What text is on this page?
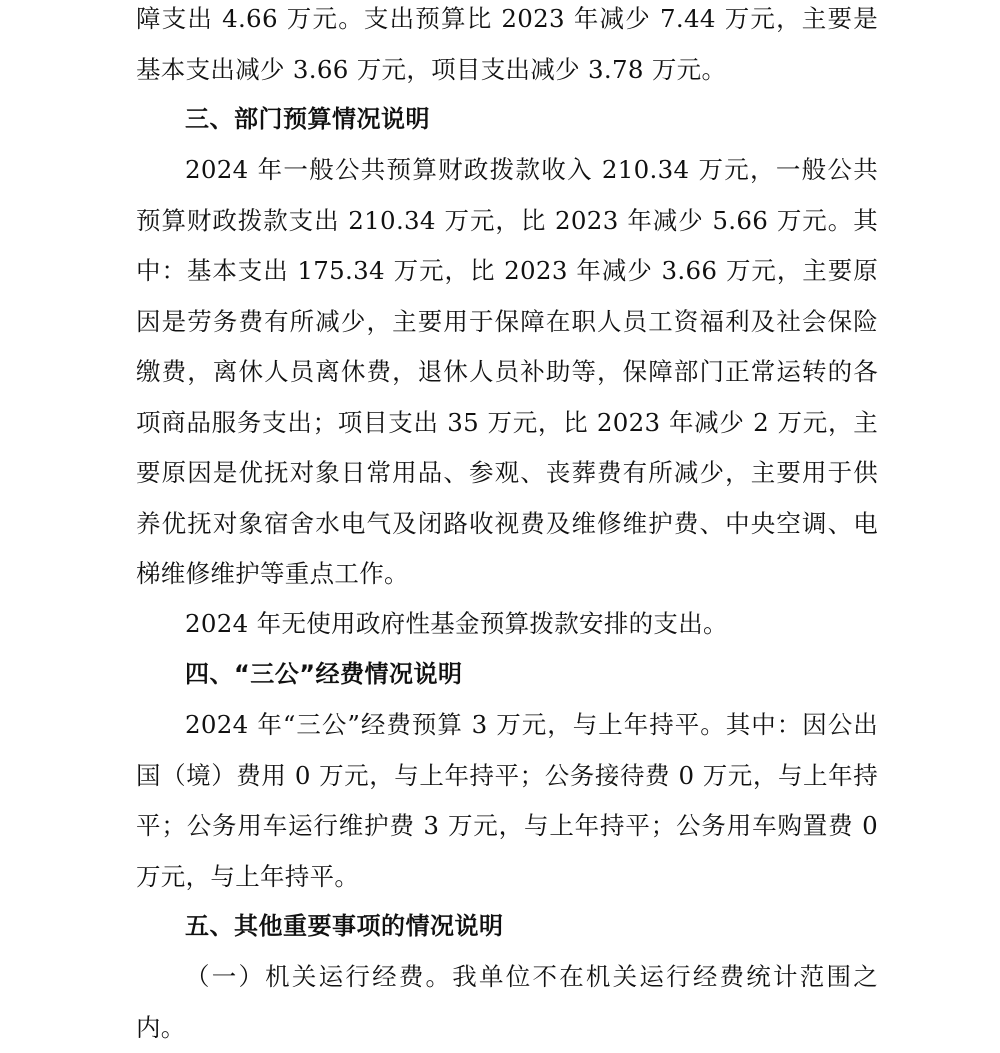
障支出 4.66 万元。支出预算比 2023 年减少 7.44 万元，主要是基本支出减少 3.66 万元，项目支出减少 3.78 万元。

三、部门预算情况说明

2024 年一般公共预算财政拨款收入 210.34 万元，一般公共预算财政拨款支出 210.34 万元，比 2023 年减少 5.66 万元。其中：基本支出 175.34 万元，比 2023 年减少 3.66 万元，主要原因是劳务费有所减少，主要用于保障在职人员工资福利及社会保险缴费，离休人员离休费，退休人员补助等，保障部门正常运转的各项商品服务支出；项目支出 35 万元，比 2023 年减少 2 万元，主要原因是优抚对象日常用品、参观、丧葬费有所减少，主要用于供养优抚对象宿舍水电气及闭路收视费及维修维护费、中央空调、电梯维修维护等重点工作。

2024 年无使用政府性基金预算拨款安排的支出。

四、“三公”经费情况说明

2024 年“三公”经费预算 3 万元，与上年持平。其中：因公出国（境）费用 0 万元，与上年持平；公务接待费 0 万元，与上年持平；公务用车运行维护费 3 万元，与上年持平；公务用车购置费 0 万元，与上年持平。

五、其他重要事项的情况说明

（一）机关运行经费。我单位不在机关运行经费统计范围之内。
